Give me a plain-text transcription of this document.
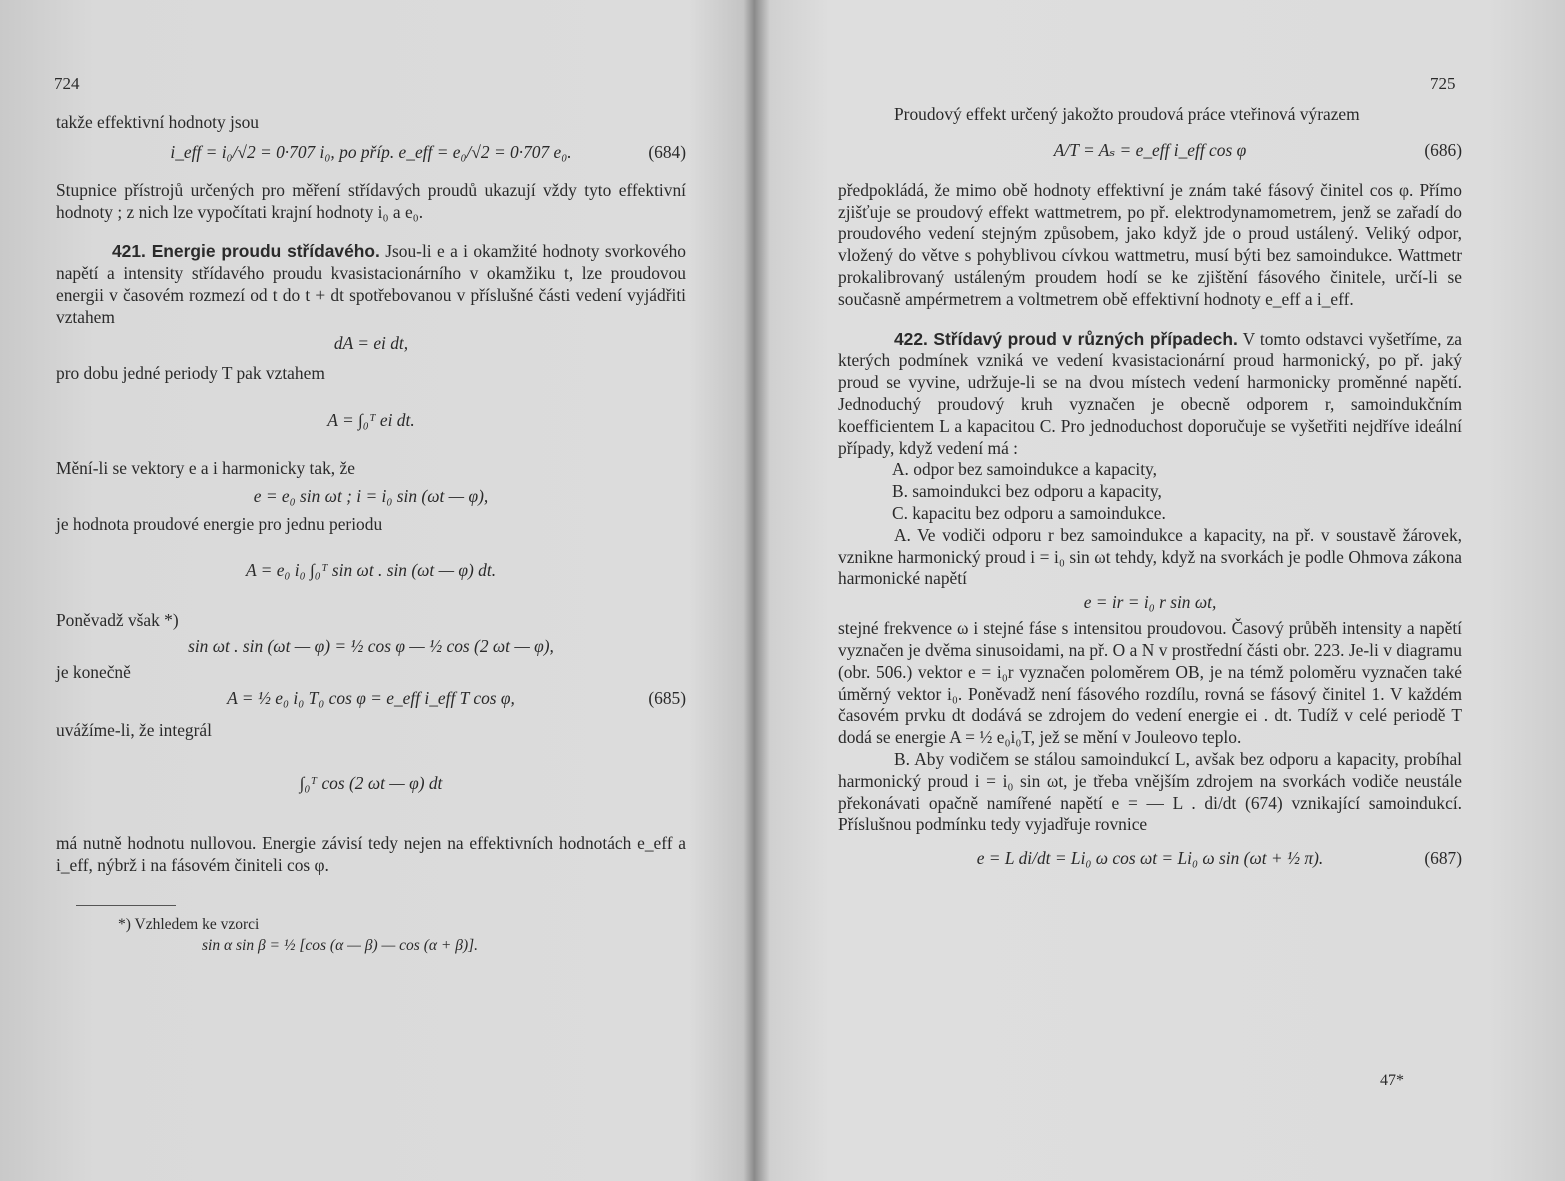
724

takže effektivní hodnoty jsou

i_eff = i₀/√2 = 0·707 i₀, po příp. e_eff = e₀/√2 = 0·707 e₀.	(684)

Stupnice přístrojů určených pro měření střídavých proudů ukazují vždy tyto effektivní hodnoty ; z nich lze vypočítati krajní hodnoty i₀ a e₀.

421. Energie proudu střídavého. Jsou-li e a i okamžité hodnoty svorkového napětí a intensity střídavého proudu kvasistacionárního v okamžiku t, lze proudovou energii v časovém rozmezí od t do t + dt spotřebovanou v příslušné části vedení vyjádřiti vztahem

dA = ei dt,

pro dobu jedné periody T pak vztahem

A = ∫₀ᵀ ei dt.

Mění-li se vektory e a i harmonicky tak, že

e = e₀ sin ωt ; i = i₀ sin (ωt — φ),

je hodnota proudové energie pro jednu periodu

A = e₀ i₀ ∫₀ᵀ sin ωt . sin (ωt — φ) dt.

Poněvadž však *)

sin ωt . sin (ωt — φ) = ½ cos φ — ½ cos (2 ωt — φ),

je konečně

A = ½ e₀ i₀ T₀ cos φ = e_eff i_eff T cos φ,	(685)

uvážíme-li, že integrál

∫₀ᵀ cos (2 ωt — φ) dt

má nutně hodnotu nullovou. Energie závisí tedy nejen na effektivních hodnotách e_eff a i_eff, nýbrž i na fásovém činiteli cos φ.

*) Vzhledem ke vzorci

sin α sin β = ½ [cos (α — β) — cos (α + β)].

725

Proudový effekt určený jakožto proudová práce vteřinová výrazem

A/T = Aₛ = e_eff i_eff cos φ	(686)

předpokládá, že mimo obě hodnoty effektivní je znám také fásový činitel cos φ. Přímo zjišťuje se proudový effekt wattmetrem, po př. elektrodynamometrem, jenž se zařadí do proudového vedení stejným způsobem, jako když jde o proud ustálený. Veliký odpor, vložený do větve s pohyblivou cívkou wattmetru, musí býti bez samoindukce. Wattmetr prokalibrovaný ustáleným proudem hodí se ke zjištění fásového činitele, určí-li se současně ampérmetrem a voltmetrem obě effektivní hodnoty e_eff a i_eff.

422. Střídavý proud v různých případech. V tomto odstavci vyšetříme, za kterých podmínek vzniká ve vedení kvasistacionární proud harmonický, po př. jaký proud se vyvine, udržuje-li se na dvou místech vedení harmonicky proměnné napětí. Jednoduchý proudový kruh vyznačen je obecně odporem r, samoindukčním koefficientem L a kapacitou C. Pro jednoduchost doporučuje se vyšetřiti nejdříve ideální případy, když vedení má :

A. odpor bez samoindukce a kapacity,

B. samoindukci bez odporu a kapacity,

C. kapacitu bez odporu a samoindukce.

A. Ve vodiči odporu r bez samoindukce a kapacity, na př. v soustavě žárovek, vznikne harmonický proud i = i₀ sin ωt tehdy, když na svorkách je podle Ohmova zákona harmonické napětí

e = ir = i₀ r sin ωt,

stejné frekvence ω i stejné fáse s intensitou proudovou. Časový průběh intensity a napětí vyznačen je dvěma sinusoidami, na př. O a N v prostřední části obr. 223. Je-li v diagramu (obr. 506.) vektor e = i₀r vyznačen poloměrem OB, je na témž poloměru vyznačen také úměrný vektor i₀. Poněvadž není fásového rozdílu, rovná se fásový činitel 1. V každém časovém prvku dt dodává se zdrojem do vedení energie ei . dt. Tudíž v celé periodě T dodá se energie A = ½ e₀i₀T, jež se mění v Jouleovo teplo.

B. Aby vodičem se stálou samoindukcí L, avšak bez odporu a kapacity, probíhal harmonický proud i = i₀ sin ωt, je třeba vnějším zdrojem na svorkách vodiče neustále překonávati opačně namířené napětí e = — L . di/dt (674) vznikající samoindukcí. Příslušnou podmínku tedy vyjadřuje rovnice

e = L di/dt = Li₀ ω cos ωt = Li₀ ω sin (ωt + ½ π).	(687)
47*
